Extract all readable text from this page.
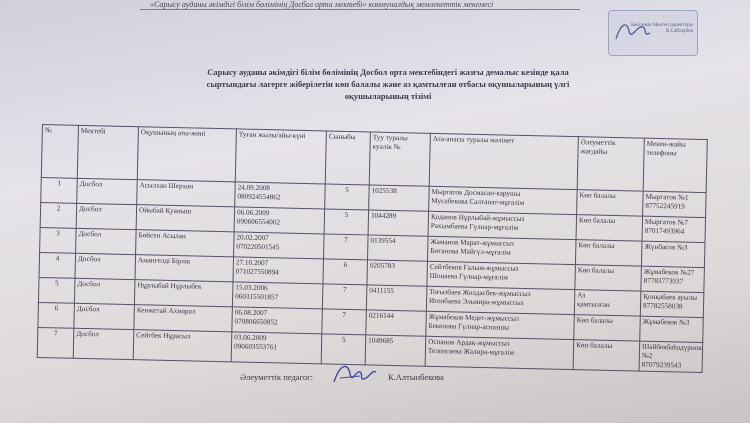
«Сарысу ауданы әкімдігі білім бөлімінің Досбол орта мектебі» коммуналдық мемлекеттік мекемесі
Бекітемін Мектеп директоры К.Сайлаубек
Сарысу ауданы әкімдігі білім бөлімінің Досбол орта мектебіндегі жазғы демалыс кезінде қала
сыртындағы лагерге жіберілетін көп балалы және аз қамтылған отбасы оқушыларының үлгі
оқушыларының тізімі
№	Мектебі	Оқушының аты-жөні	Туған жылы/айы-күні	Сыныбы	Туу туралы куәлік №	Ата-анасы туралы мәлімет	Әлеуметтік жағдайы	Мекен-жайы телефоны
1	Досбол	Асылхан Шерхан	24.09.2008
080924554862	5	1025538	Мыргатов Досмасан-карушы
Мусабекова Салтанат-мұғалім	Көп балалы	Мыргатов №1
87752245919

2	Досбол	Ойыбай Қуаныш	06.06.2009
090606554002	5	1044289	Қоданов Нұрлыбай-жұмыссыз
Рахымбаева Гүлнар-мұғалім	Көп балалы	Мыргатов №7
87017493964

3	Досбол	Бөйсен Асылан	20.02.2007
070220501545	7	0139554	Жаманов Марат-жұмыссыз
Битанова Майгүл-мұғалім	Көп балалы	Жүнбасов №3

4	Досбол	Амангелді Бірлік	27.10.2007
071027550894	6	0205783	Сейтбеков Ғалым-жұмыссыз
Шонаева Гүлнар-мұғалім	Көп балалы	Жұмабеков №27
87783773937

5	Досбол	Нұрлыбай Нұрлыбек	15.03.2006
060315501857	7	0411155	Тоғызбаев Жолдасбек-жұмыссыз
Игенбаева Эльмира-жұмыссыз	Аз
қамтылған	Қонқабаев ауылы
87782558038

6	Досбол	Кенжетай Ахмарал	06.08.2007
070806650852	7	0216144	Жұмабеков Медет-жұмыссыз
Бекенова Гүлнар-аспазшы	Көп балалы	Жұмабеков №3

7	Досбол	Сейтбек Нұрасыл	03.06.2009
090603553761	5	1049685	Оспанов Ардақ-жұмыссыз
Теленгаева Жалира-мұғалім	Көп балалы	Шайбекбаһадүрнов
№2
87079239543
Әлеуметтік педагог:	К.Алтынбекова
